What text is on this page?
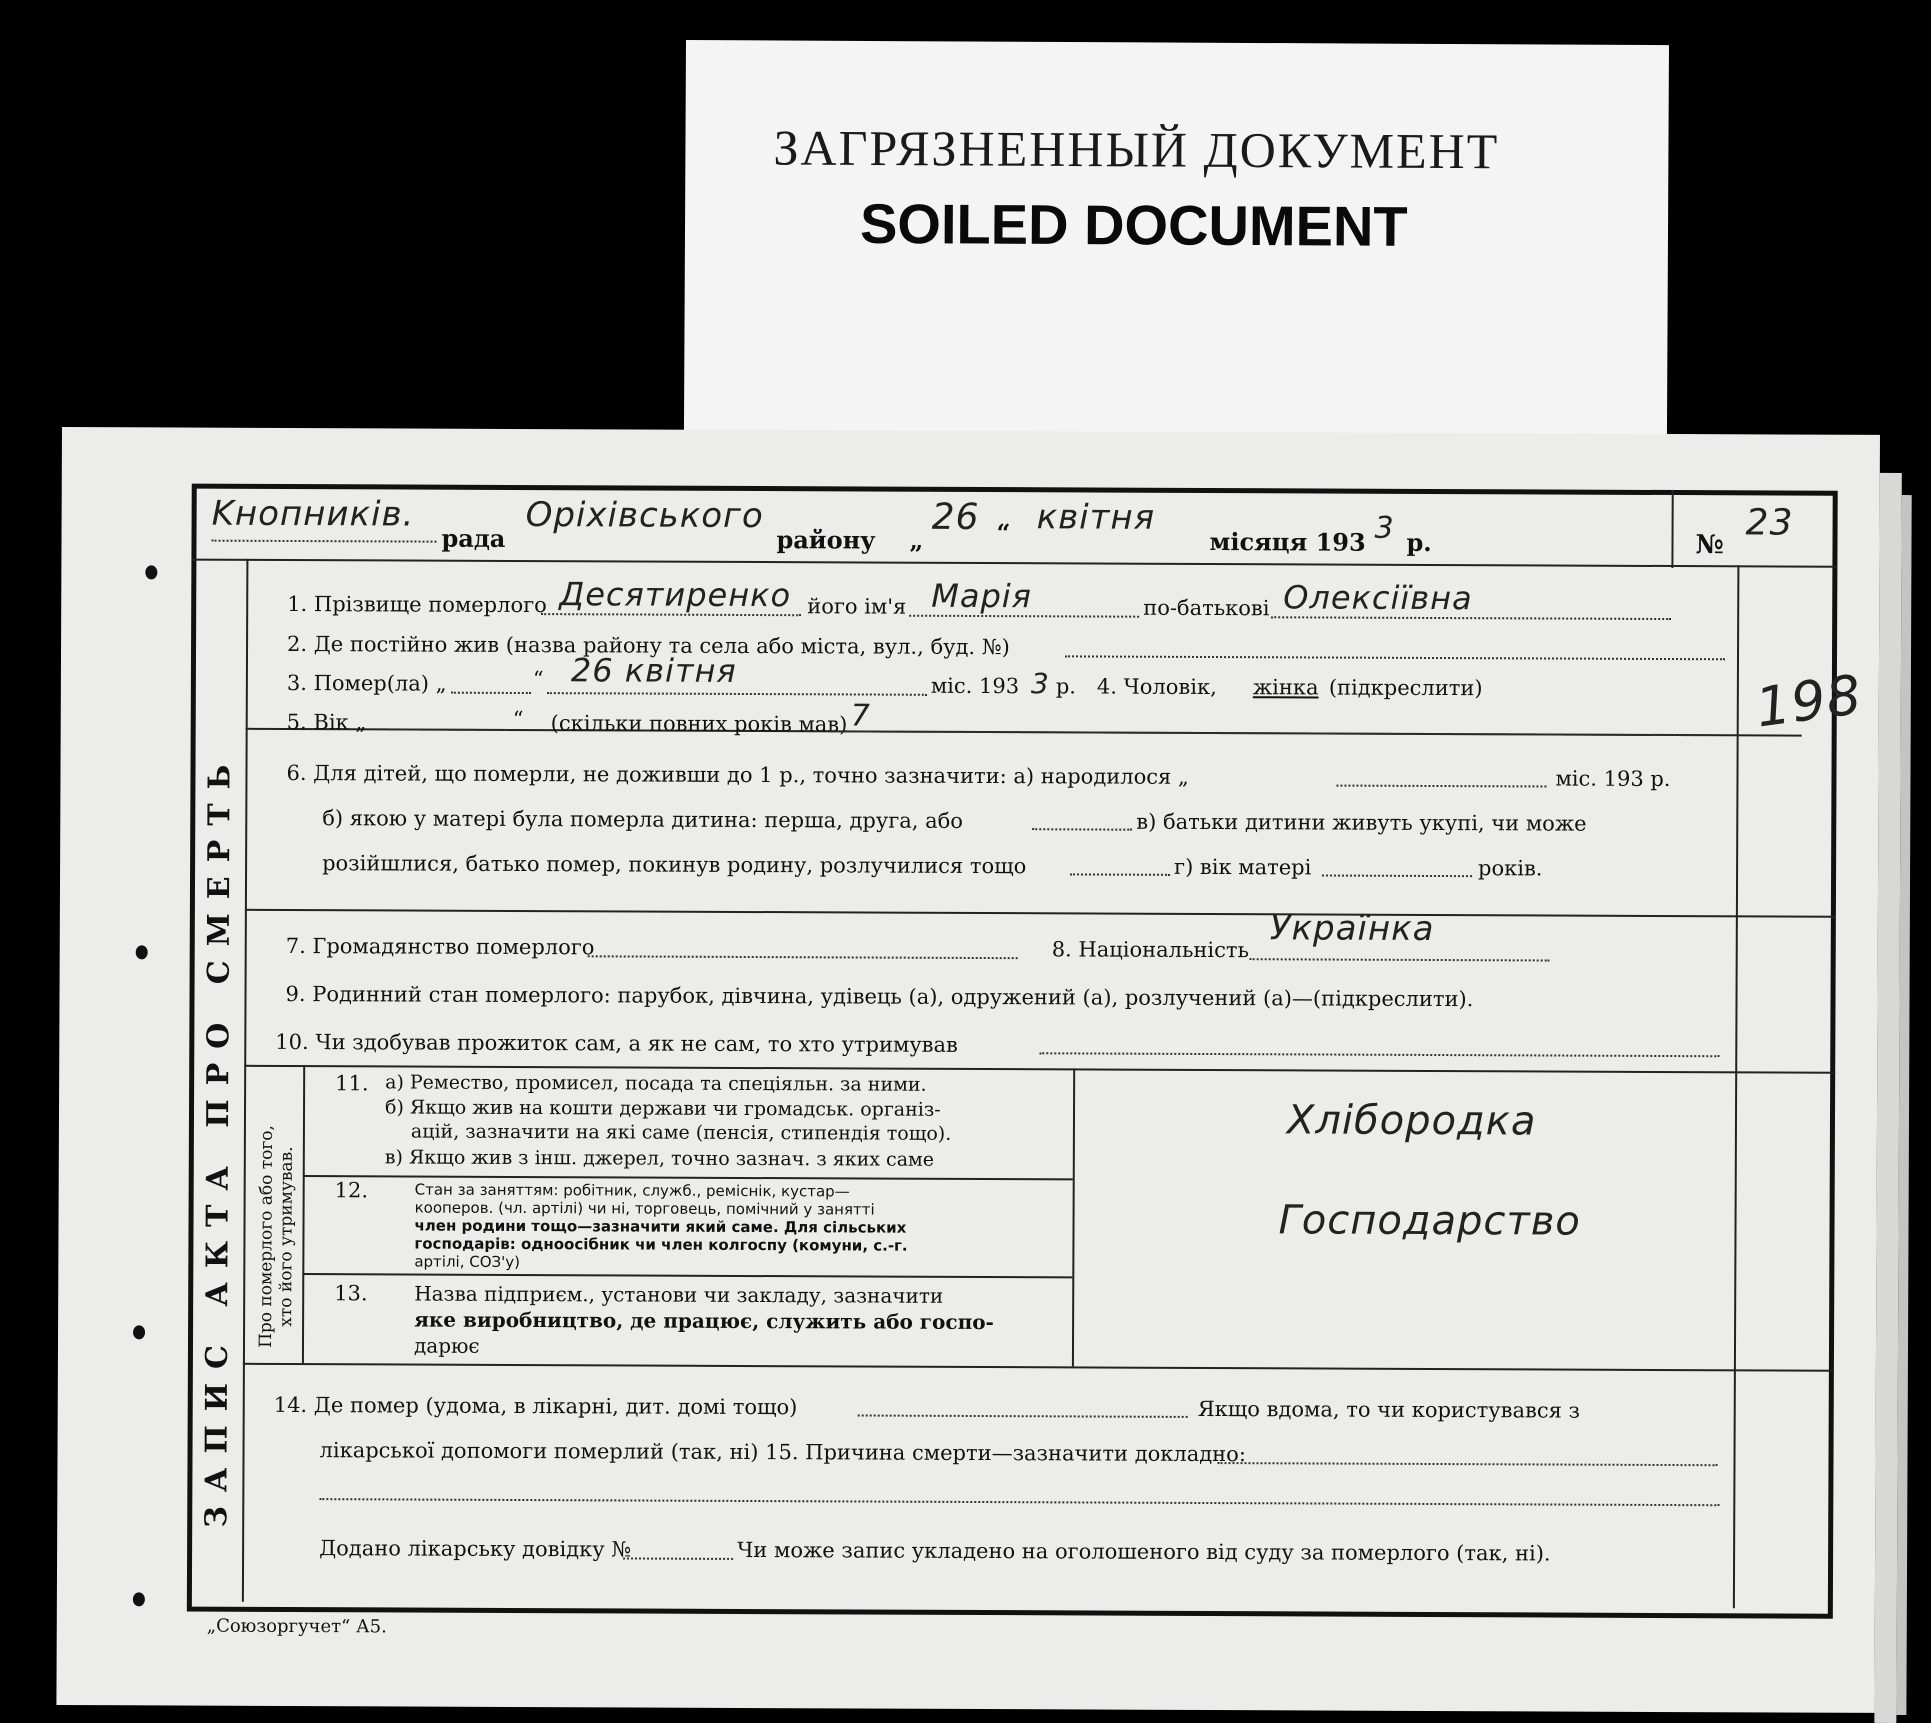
ЗАГРЯЗНЕННЫЙ ДОКУМЕНТ
SOILED DOCUMENT
ЗАПИС АКТА ПРО СМЕРТЬ Про померлого або того, хто його утримував.
Kнопників.
рада
Оріхівського
району „
26 “ квітня
місяця 193 3 р.	№
23
198
1. Прізвище померлого Десятиренко його ім'я Марія	по-батькові Олексіївна
2. Де постійно жив (назва району та села або міста, вул., буд. №)
3. Помер(ла) „	“ 26 квітня	міс. 193 3 р. 4. Чоловік, жінка (підкреслити)
5. Вік „	“ (скільки повних років мав) 7
6. Для дітей, що померли, не доживши до 1 р., точно зазначити: а) народилося „	міс. 193 р.
б) якою у матері була померла дитина: перша, друга, або	в) батьки дитини живуть укупі, чи може
розійшлися, батько помер, покинув родину, розлучилися тощо	г) вік матері	років.
7. Громадянство померлого	8. Національність
Українка
9. Родинний стан померлого: парубок, дівчина, удівець (а), одружений (а), розлучений (а)—(підкреслити).
10. Чи здобував прожиток сам, а як не сам, то хто утримував
11. а) Ремество, промисел, посада та спеціяльн. за ними.
б) Якщо жив на кошти держави чи громадськ. організ-
ацій, зазначити на які саме (пенсія, стипендія тощо).
в) Якщо жив з інш. джерел, точно зазнач. з яких саме
Хлібородка
12.	Стан за заняттям: робітник, служб., реміснік, кустар—
кооперов. (чл. артілі) чи ні, торговець, помічний у занятті
член родини тощо—зазначити який саме. Для сільських
господарів: одноосібник чи член колгоспу (комуни, с.-г.
артілі, СОЗ'у)
Господарство
13. Назва підприєм., установи чи закладу, зазначити
яке виробництво, де працює, служить або госпо-
дарює
14. Де помер (удома, в лікарні, дит. домі тощо)	Якщо вдома, то чи користувався з
лікарської допомоги померлий (так, ні) 15. Причина смерти—зазначити докладно:
Додано лікарську довідку №	Чи може запис укладено на оголошеного від суду за померлого (так, ні).
„Союзоргучет“ А5.
